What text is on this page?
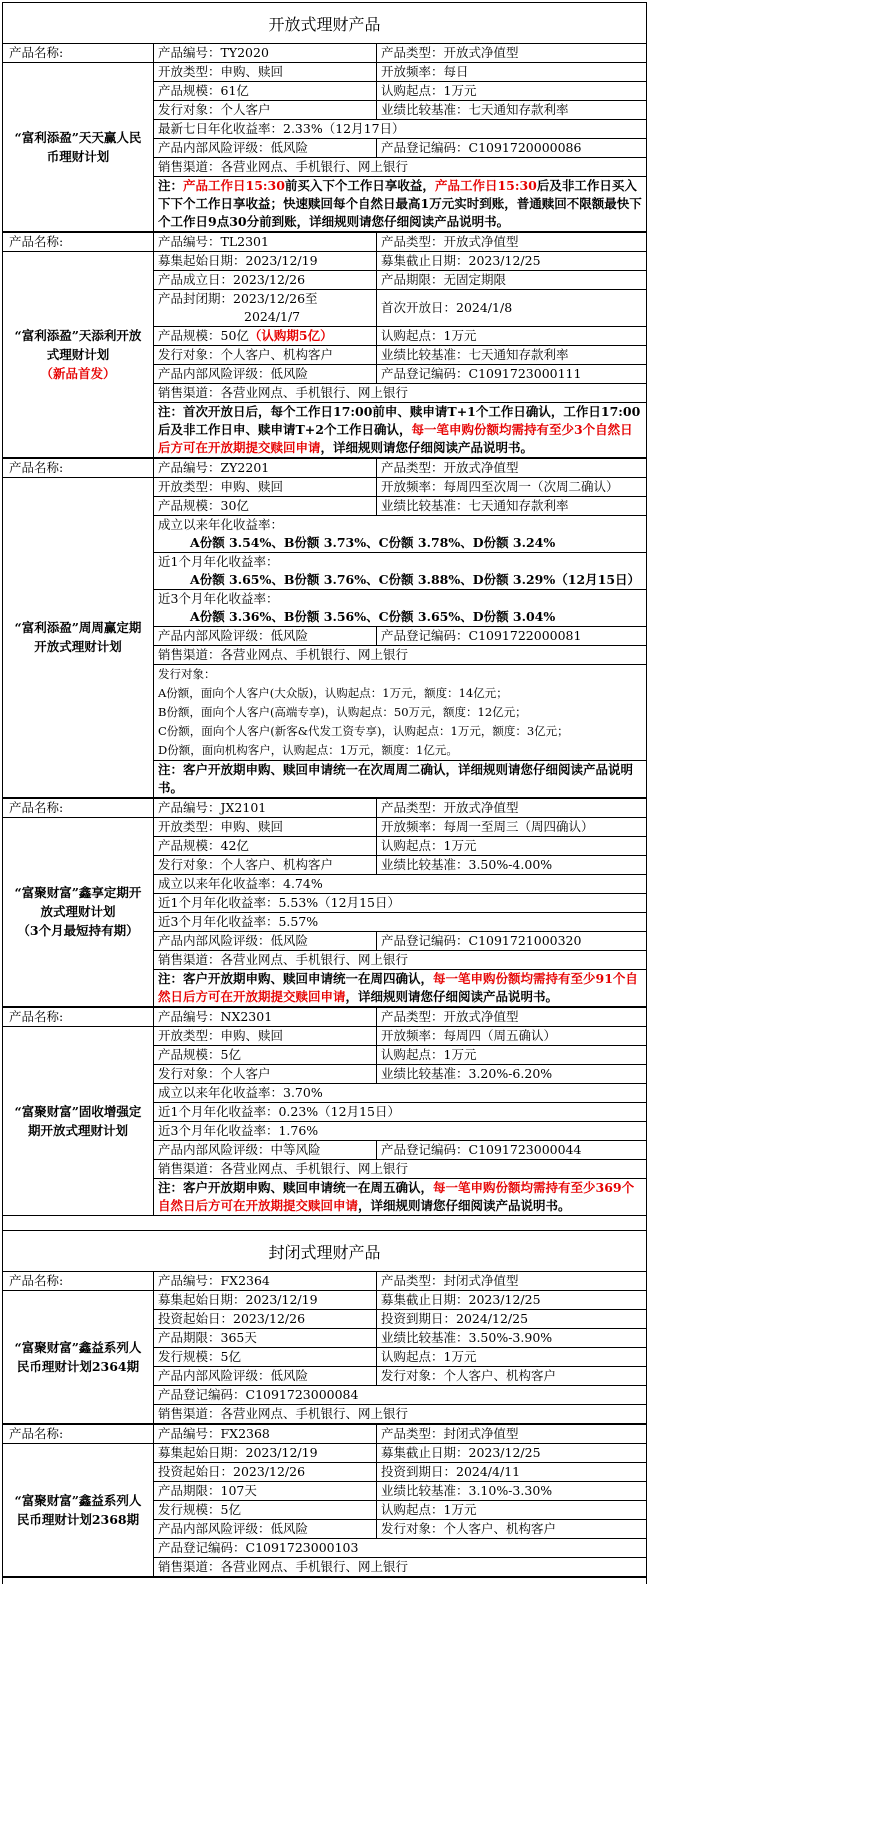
开放式理财产品
产品名称:
“富利添盈”天天赢人民币理财计划	产品编号：TY2020	产品类型：开放式净值型
	开放类型：申购、赎回	开放频率：每日
	产品规模：61亿	认购起点：1万元
	发行对象：个人客户	业绩比较基准：七天通知存款利率
	最新七日年化收益率：2.33%（12月17日）	
	产品内部风险评级：低风险	产品登记编码：C1091720000086
	销售渠道：各营业网点、手机银行、网上银行	
	注：产品工作日15:30前买入下个工作日享收益，产品工作日15:30后及非工作日买入下下个工作日享收益；快速赎回每个自然日最高1万元实时到账，普通赎回不限额最快下个工作日9点30分前到账，详细规则请您仔细阅读产品说明书。	
产品名称:
“富利添盈”天添利开放式理财计划
（新品首发）	产品编号：TL2301	产品类型：开放式净值型
	募集起始日期：2023/12/19	募集截止日期：2023/12/25
	产品成立日：2023/12/26	产品期限：无固定期限

	产品封闭期：2023/12/26至
2024/1/7	首次开放日：2024/1/8
	产品规模：50亿（认购期5亿）	认购起点：1万元
	发行对象：个人客户、机构客户	业绩比较基准：七天通知存款利率
	产品内部风险评级：低风险	产品登记编码：C1091723000111
	销售渠道：各营业网点、手机银行、网上银行	
	注：首次开放日后，每个工作日17:00前申、赎申请T+1个工作日确认，工作日17:00后及非工作日申、赎申请T+2个工作日确认，每一笔申购份额均需持有至少3个自然日后方可在开放期提交赎回申请，详细规则请您仔细阅读产品说明书。	
产品名称:
“富利添盈”周周赢定期开放式理财计划	产品编号：ZY2201	产品类型：开放式净值型
	开放类型：申购、赎回	开放频率：每周四至次周一（次周二确认）
	产品规模：30亿	业绩比较基准：七天通知存款利率

	成立以来年化收益率：
A份额 3.54%、B份额 3.73%、C份额 3.78%、D份额 3.24%	

	近1个月年化收益率：
A份额 3.65%、B份额 3.76%、C份额 3.88%、D份额 3.29%（12月15日）	

	近3个月年化收益率：
A份额 3.36%、B份额 3.56%、C份额 3.65%、D份额 3.04%	

	产品内部风险评级：低风险	产品登记编码：C1091722000081
	销售渠道：各营业网点、手机银行、网上银行	

	发行对象：
A份额，面向个人客户(大众版)，认购起点：1万元，额度：14亿元；
B份额，面向个人客户(高端专享)，认购起点：50万元，额度：12亿元；
C份额，面向个人客户(新客&代发工资专享)，认购起点：1万元，额度：3亿元；
D份额，面向机构客户，认购起点：1万元，额度：1亿元。	

	注：客户开放期申购、赎回申请统一在次周周二确认，详细规则请您仔细阅读产品说明书。	
产品名称:
“富聚财富”鑫享定期开放式理财计划
（3个月最短持有期）	产品编号：JX2101	产品类型：开放式净值型
	开放类型：申购、赎回	开放频率：每周一至周三（周四确认）
	产品规模：42亿	认购起点：1万元
	发行对象：个人客户、机构客户	业绩比较基准：3.50%-4.00%
	成立以来年化收益率：4.74%	
	近1个月年化收益率：5.53%（12月15日）	
	近3个月年化收益率：5.57%	
	产品内部风险评级：低风险	产品登记编码：C1091721000320
	销售渠道：各营业网点、手机银行、网上银行	
	注：客户开放期申购、赎回申请统一在周四确认，每一笔申购份额均需持有至少91个自然日后方可在开放期提交赎回申请，详细规则请您仔细阅读产品说明书。	
产品名称:
“富聚财富”固收增强定期开放式理财计划	产品编号：NX2301	产品类型：开放式净值型
	开放类型：申购、赎回	开放频率：每周四（周五确认）
	产品规模：5亿	认购起点：1万元
	发行对象：个人客户	业绩比较基准：3.20%-6.20%
	成立以来年化收益率：3.70%	
	近1个月年化收益率：0.23%（12月15日）	
	近3个月年化收益率：1.76%	
	产品内部风险评级：中等风险	产品登记编码：C1091723000044
	销售渠道：各营业网点、手机银行、网上银行	
	注：客户开放期申购、赎回申请统一在周五确认，每一笔申购份额均需持有至少369个自然日后方可在开放期提交赎回申请，详细规则请您仔细阅读产品说明书。	
封闭式理财产品
产品名称:
“富聚财富”鑫益系列人民币理财计划2364期	产品编号：FX2364	产品类型：封闭式净值型
	募集起始日期：2023/12/19	募集截止日期：2023/12/25
	投资起始日：2023/12/26	投资到期日：2024/12/25
	产品期限：365天	业绩比较基准：3.50%-3.90%
	发行规模：5亿	认购起点：1万元
	产品内部风险评级：低风险	发行对象：个人客户、机构客户
	产品登记编码：C1091723000084	
	销售渠道：各营业网点、手机银行、网上银行	
产品名称:
“富聚财富”鑫益系列人民币理财计划2368期	产品编号：FX2368	产品类型：封闭式净值型
	募集起始日期：2023/12/19	募集截止日期：2023/12/25
	投资起始日：2023/12/26	投资到期日：2024/4/11
	产品期限：107天	业绩比较基准：3.10%-3.30%
	发行规模：5亿	认购起点：1万元
	产品内部风险评级：低风险	发行对象：个人客户、机构客户
	产品登记编码：C1091723000103	
	销售渠道：各营业网点、手机银行、网上银行	
